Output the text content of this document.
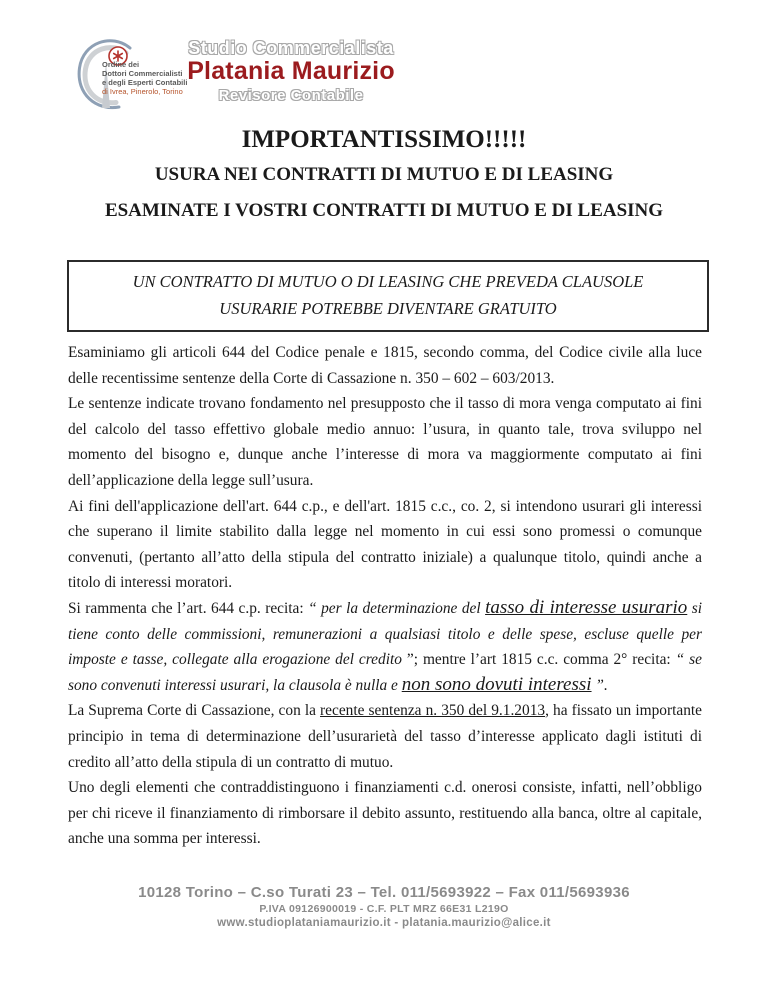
Ordine dei
Dottori Commercialisti
e degli Esperti Contabili
di Ivrea, Pinerolo, Torino
Studio Commercialista
Platania Maurizio
Revisore Contabile
IMPORTANTISSIMO!!!!!
USURA NEI CONTRATTI DI MUTUO E DI LEASING
ESAMINATE I VOSTRI CONTRATTI DI MUTUO E DI LEASING
UN CONTRATTO DI MUTUO O DI LEASING CHE PREVEDA CLAUSOLE
USURARIE POTREBBE DIVENTARE GRATUITO

Esaminiamo gli articoli 644 del Codice penale e 1815, secondo comma, del Codice civile alla luce delle recentissime sentenze della Corte di Cassazione n. 350 – 602 – 603/2013.

Le sentenze indicate trovano fondamento nel presupposto che il tasso di mora venga computato ai fini del calcolo del tasso effettivo globale medio annuo: l’usura, in quanto tale, trova sviluppo nel momento del bisogno e, dunque anche l’interesse di mora va maggiormente computato ai fini dell’applicazione della legge sull’usura.

Ai fini dell'applicazione dell'art. 644 c.p., e dell'art. 1815 c.c., co. 2, si intendono usurari gli interessi che superano il limite stabilito dalla legge nel momento in cui essi sono promessi o comunque convenuti, (pertanto all’atto della stipula del contratto iniziale) a qualunque titolo, quindi anche a titolo di interessi moratori.

Si rammenta che l’art. 644 c.p. recita: “ per la determinazione del tasso di interesse usurario si tiene conto delle commissioni, remunerazioni a qualsiasi titolo e delle spese, escluse quelle per imposte e tasse, collegate alla erogazione del credito ”; mentre l’art 1815 c.c. comma 2° recita: “ se sono convenuti interessi usurari, la clausola è nulla e non sono dovuti interessi ”.

La Suprema Corte di Cassazione, con la recente sentenza n. 350 del 9.1.2013, ha fissato un importante principio in tema di determinazione dell’usurarietà del tasso d’interesse applicato dagli istituti di credito all’atto della stipula di un contratto di mutuo.

Uno degli elementi che contraddistinguono i finanziamenti c.d. onerosi consiste, infatti, nell’obbligo per chi riceve il finanziamento di rimborsare il debito assunto, restituendo alla banca, oltre al capitale, anche una somma per interessi.

10128 Torino – C.so Turati 23 – Tel. 011/5693922 – Fax 011/5693936
P.IVA 09126900019 - C.F. PLT MRZ 66E31 L219O
www.studioplataniamaurizio.it - platania.maurizio@alice.it
